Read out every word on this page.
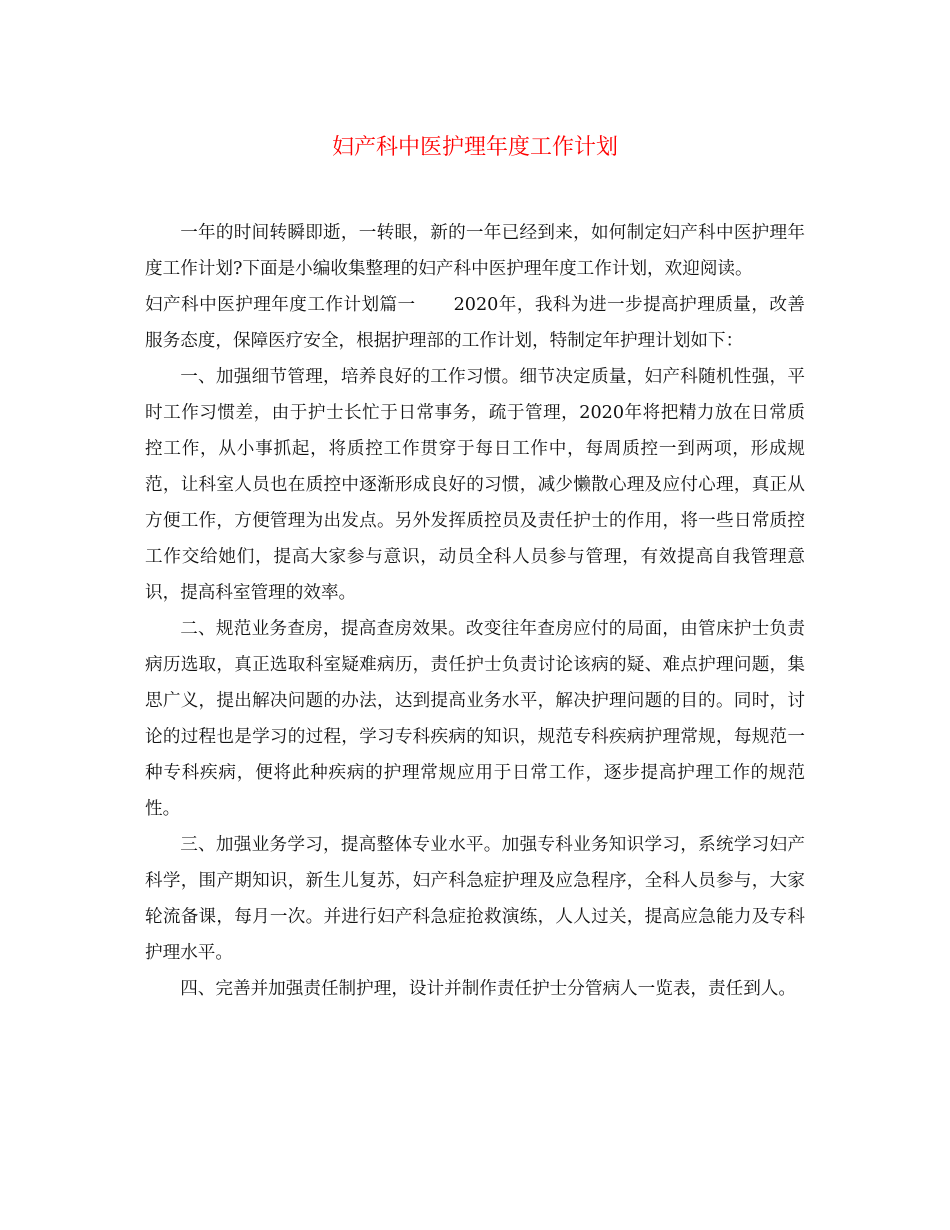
妇产科中医护理年度工作计划

一年的时间转瞬即逝，一转眼，新的一年已经到来，如何制定妇产科中医护理年度工作计划?下面是小编收集整理的妇产科中医护理年度工作计划，欢迎阅读。

妇产科中医护理年度工作计划篇一 2020年，我科为进一步提高护理质量，改善服务态度，保障医疗安全，根据护理部的工作计划，特制定年护理计划如下：

一、加强细节管理，培养良好的工作习惯。细节决定质量，妇产科随机性强，平时工作习惯差，由于护士长忙于日常事务，疏于管理，2020年将把精力放在日常质控工作，从小事抓起，将质控工作贯穿于每日工作中，每周质控一到两项，形成规范，让科室人员也在质控中逐渐形成良好的习惯，减少懒散心理及应付心理，真正从方便工作，方便管理为出发点。另外发挥质控员及责任护士的作用，将一些日常质控工作交给她们，提高大家参与意识，动员全科人员参与管理，有效提高自我管理意识，提高科室管理的效率。

二、规范业务查房，提高查房效果。改变往年查房应付的局面，由管床护士负责病历选取，真正选取科室疑难病历，责任护士负责讨论该病的疑、难点护理问题，集思广义，提出解决问题的办法，达到提高业务水平，解决护理问题的目的。同时，讨论的过程也是学习的过程，学习专科疾病的知识，规范专科疾病护理常规，每规范一种专科疾病，便将此种疾病的护理常规应用于日常工作，逐步提高护理工作的规范性。

三、加强业务学习，提高整体专业水平。加强专科业务知识学习，系统学习妇产科学，围产期知识，新生儿复苏，妇产科急症护理及应急程序，全科人员参与，大家轮流备课，每月一次。并进行妇产科急症抢救演练，人人过关，提高应急能力及专科护理水平。

四、完善并加强责任制护理，设计并制作责任护士分管病人一览表，责任到人。
